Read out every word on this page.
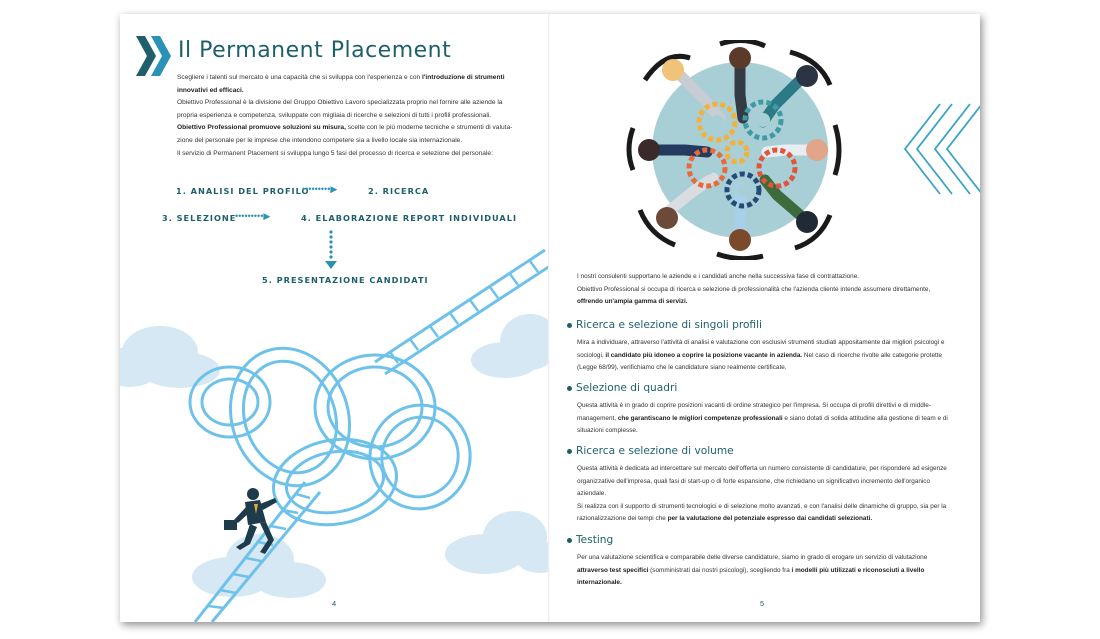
Il Permanent Placement
Scegliere i talenti sul mercato è una capacità che si sviluppa con l'esperienza e con l'introduzione di strumenti innovativi ed efficaci.
Obiettivo Professional è la divisione del Gruppo Obiettivo Lavoro specializzata proprio nel fornire alle aziende la propria esperienza e competenza, sviluppate con migliaia di ricerche e selezioni di tutti i profili professionali.
Obiettivo Professional promuove soluzioni su misura, scelte con le più moderne tecniche e strumenti di valuta- zione del personale per le imprese che intendono competere sia a livello locale sia internazionale.
Il servizio di Permanent Placement si sviluppa lungo 5 fasi del processo di ricerca e selezione del personale:
1. ANALISI DEL PROFILO
•••••••••▶	2. RICERCA
3. SELEZIONE
•••••••••▶	4. ELABORAZIONE REPORT INDIVIDUALI
5. PRESENTAZIONE CANDIDATI
4
I nostri consulenti supportano le aziende e i candidati anche nella successiva fase di contrattazione.
Obiettivo Professional si occupa di ricerca e selezione di professionalità che l'azienda cliente intende assumere direttamente, offrendo un'ampia gamma di servizi.
Ricerca e selezione di singoli profili
Mira a individuare, attraverso l'attività di analisi e valutazione con esclusivi strumenti studiati appositamente dai migliori psicologi e sociologi, il candidato più idoneo a coprire la posizione vacante in azienda. Nel caso di ricerche rivolte alle categorie protette (Legge 68/99), verifichiamo che le candidature siano realmente certificate.
Selezione di quadri
Questa attività è in grado di coprire posizioni vacanti di ordine strategico per l'impresa. Si occupa di profili direttivi e di middle-management, che garantiscano le migliori competenze professionali e siano dotati di solida attitudine alla gestione di team e di situazioni complesse.
Ricerca e selezione di volume
Questa attività è dedicata ad intercettare sul mercato dell'offerta un numero consistente di candidature, per rispondere ad esigenze organizzative dell'impresa, quali fasi di start-up o di forte espansione, che richiedano un significativo incremento dell'organico aziendale.
Si realizza con il supporto di strumenti tecnologici e di selezione molto avanzati, e con l'analisi delle dinamiche di gruppo, sia per la razionalizzazione dei tempi che per la valutazione del potenziale espresso dai candidati selezionati.
Testing
Per una valutazione scientifica e comparabile delle diverse candidature, siamo in grado di erogare un servizio di valutazione attraverso test specifici (somministrati dai nostri psicologi), scegliendo fra i modelli più utilizzati e riconosciuti a livello internazionale.
5
